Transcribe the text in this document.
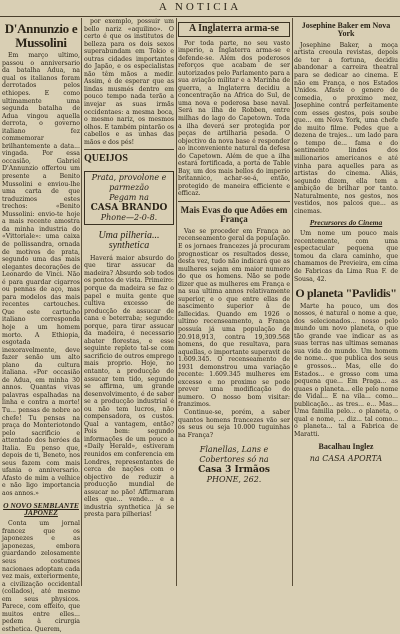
A NOTICIA
D'Annunzio e Mussolini

Em março ultimo, passou o anniversario da batalha Adua, na qual os italianos foram derrotados pelos ethiopes. E como ultimamente uma segunda batalha de Adua vingou aquella derrota, o governo italiano fez commemorar brilhantemente a data... vingada. Por essa occasião, Gabriel D'Annunzio offertou um presente a Benito Mussolini e enviou-lhe uma carta de que traduzimos estes trechos: «Benito Mussolini: envio-te hoje a mais recente amostra da minha industria do «Vittoriale»: uma caixa de pollissandra, ornada de motivos de prata, segundo uma das mais elegantes decorações de Leonardo de Vinci. Não é para guardar cigarros ou pennas de aço, mas para modelos das mais recentes cartouches. Que este cartucho italiano corresponda hoje a um homem morto. A Ethiopia, esgotada inexoravelmente, deve fazer senão um alto plano da cultura italiana. «Por occasião de Adua, em minha 30 annos. Quantas vivas palavras espalhadas na linha e contra a morte! Tu... pensas de nobre ao chefe! Tu pensas na praça do Monteriotondo pelo sacrificio e attentado dos heróes da Italia. Eu penso que, depois de ti, Beneto, nos seus fazem com mais ufania o anniversario. Afasto de mim a velhice e não ligo importancia aos annos.»

O NOVO SEMBLANTE JAPONEZ

Conta um jornal francez que os japonezes e as japonezas, embora guardando zelosamente seus costumes nacionaes adoptam cada vez mais, exteriormente, a civilização occidental (collados), até mesmo em seus physicos. Parece, com effeito, que muitos entre elles... pedem à cirurgia esthetica. Querem,

por exemplo, possuir um bello nariz «aquilino». O certo é que os institutos de belleza para os dois sexos superabundam em Tokio e outras cidades importantes do Japão, e os especialistas não têm mãos a medir. Assim, é de esperar que as lindas musmés dentro em pouco tempo nada terão a invejar as suas irmãs occidentaes: a mesma boca, o mesmo nariz, os mesmos olhos. E também pintarão os cabellos e as unhas das mãos e dos pés!

QUEIJOS
Prata, provolone e parmezão
Pegam na
CASA BRANDO
Phone—2-0-8.
Uma pilheria... synthetica

Haverá maior absurdo do que tirar assucar da madeira? Absurdo sob todos os pontos de vista. Primeiro: porque da madeira se faz o papel e muita gente que cultiva excesso de producção de assucar de cana e beterraba; segundo: porque, para tirar assucar da madeira, é necessario abater florestas, e esse seguinte repleto tal-se com sacrificio de outros emprego mais proprio. Hoje, no entanto, a producção de assucar tem tido, segundo se affirma, um grande desenvolvimento, é de saber se a producção industrial é ou não tem lucros, não compensadora, os custos. Qual a vantagem, então? Pois bem: segundo informações de um pouco a «Daily Herald», estiveram reunidos em conferencia em Londres, representantes de cerca de nações com o objectivo de reduzir a producção mundial de assucar no pão! Affirmaram elles que... vende... e a industria synthetica já se presta para pilherias!

A Inglaterra arma-se

Por toda parte, no seu vasto imperio, a Inglaterra arma-se e defende-se. Além dos poderosos reforços que acabam de ser autorizados pelo Parlamento para a sua aviação militar e a Marinha de guerra, a Inglaterra decidiu a concentração na Africa do Sul, de uma nova e poderosa base naval. Será na ilha de Robben, entre milhas do lago do Capetown. Toda a ilha deverá ser protegida por peças de artilharia pesada. O objectivo da nova base é responder ao inconveniente natural da defesa do Capetown. Além de que a ilha estará fortificada, a porta de Table Bay, um dos mais bellos do imperio britannico, achar-se-á, então, protegido de maneira efficiente e efficaz.

Mais Evas do que Adões em França

Vae se proceder em França ao recenseamento geral da população. E os jornaes francezes já procuram prognosticar os resultados desse, desta vez, tudo não indicará que as mulheres sejam em maior numero do que os homens. Não se pode dizer que as mulheres em França e na sua ultima annos relativamente superior, e o que entre ellas de nascimento superior à de fallecidas. Quando em 1926 o ultimo recenseamento, a França possuía já uma população de 20.918,913, contra 19,309.568 homens, do que resultava, para aquellas, o importante superavit de 1.609.345. O recenseamento de 1931 demonstrou uma variação recente: 1.609.345 mulheres em excesso e no proximo se pode prever uma modificação do numero. O nosso bom visitar: franzimos.

Continue-se, porém, a saber quantos homens francezes vão ser os seus ou seja 10.000 tuguinhas na França?

Flanellas, Lans e Cobertores só na
Casa 3 Irmãos
PHONE, 262.
Josephine Baker em Nova York

Josephine Baker, a moça artista creoula revistas, depois de ter a fortuna, decidiu abandonar a carreira theatral para se dedicar ao cinema. E não em França, e nos Estados Unidos. Afaste o genero de comedia, o proximo mez, Josephine contrá perfeitamente com esses gestos, pois soube que... em Nova York, uma chefe de muito filme. Pedes que a dezena de trajes... um lado para o tempo de... fama e do sentimento lindos dos milionarios americanos e até vinha para aquelles para as artistas do cinema. Aliás, segundo dizem, ella tem a ambição de brilhar por tanto. Naturalmente, nos gestos, nos vestidos, nos palcos que... as cinemas.

Precursores do Cinema

Um nome um pouco mais recentemente, com uma espectacular pequena que tomou da clara caminho, que chamamos de Previeira, em cima de Fabricas da Lima Rua F. de Sousa, 42.

O planeta "Pavlidis"

Marte ha pouco, um dos nossos, é natural o nome a que, dos selecionados... nosso pelo mundo um novo planeta, o que tão grande vae indicar as as suas terras nas ultimas semanas sua vida do mundo. Um homem de nome... que publica dos seus e grossos... Mas, elle do Estados... e grosso com uma pequena que... Em Praga... as quaes o planeta... elle pelo nome de Vidal... E na vila... como... publicação... as tres... e... Mas... Uma familia pelo... o planeta, o qual e nome, ... diz... tal como... o planeta... tal a Fabrica de Maratti.

Bacalhau Inglez
na CASA APORTA
